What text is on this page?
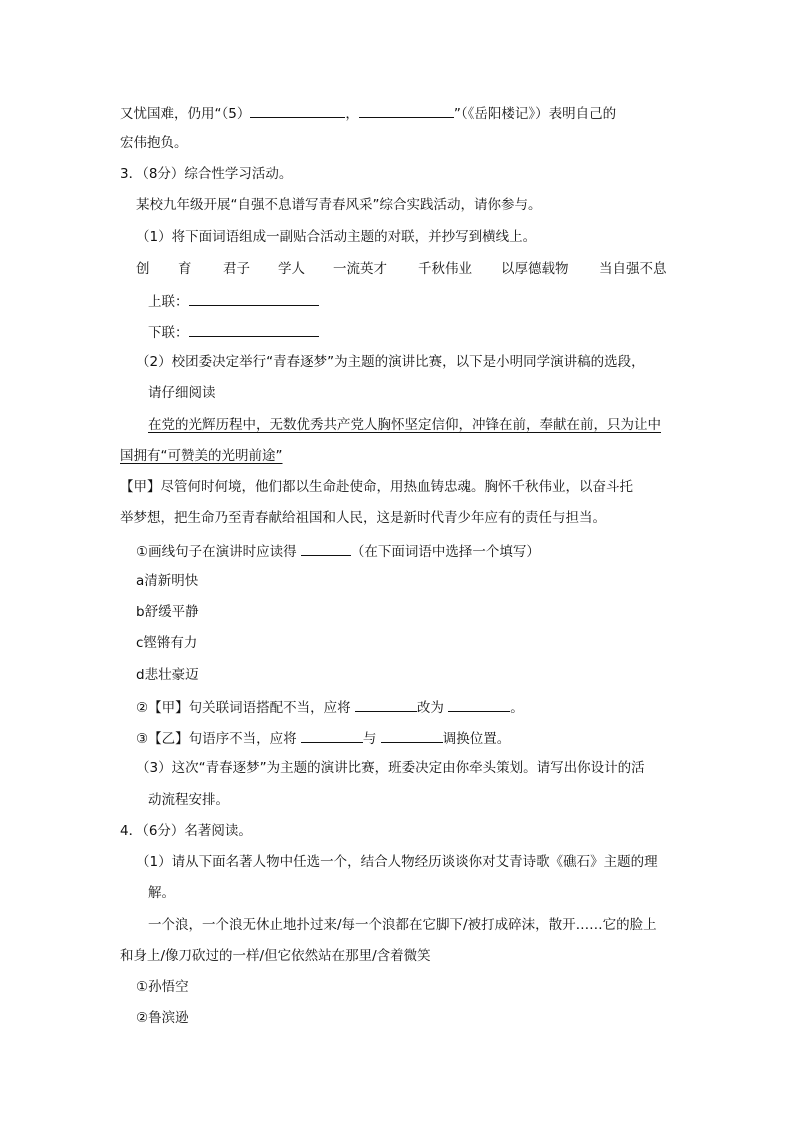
又忧国难，仍用“（5）	，	”（《岳阳楼记》）表明自己的
宏伟抱负。
3．（8分）综合性学习活动。
某校九年级开展“自强不息谱写青春风采”综合实践活动，请你参与。
（1）将下面词语组成一副贴合活动主题的对联，并抄写到横线上。
创 育 君子 学人 一流英才 千秋伟业 以厚德载物 当自强不息
上联：
下联：
（2）校团委决定举行“青春逐梦”为主题的演讲比赛，以下是小明同学演讲稿的选段，
请仔细阅读
在党的光辉历程中，无数优秀共产党人胸怀坚定信仰，冲锋在前，奉献在前，只为让中
国拥有“可赞美的光明前途”
【甲】尽管何时何境，他们都以生命赴使命，用热血铸忠魂。胸怀千秋伟业，以奋斗托
举梦想，把生命乃至青春献给祖国和人民，这是新时代青少年应有的责任与担当。
①画线句子在演讲时应读得	（在下面词语中选择一个填写）
a清新明快
b舒缓平静
c铿锵有力
d悲壮豪迈
②【甲】句关联词语搭配不当，应将	改为	。
③【乙】句语序不当，应将	与	调换位置。
（3）这次“青春逐梦”为主题的演讲比赛，班委决定由你牵头策划。请写出你设计的活
动流程安排。
4．（6分）名著阅读。
（1）请从下面名著人物中任选一个，结合人物经历谈谈你对艾青诗歌《礁石》主题的理
解。
一个浪，一个浪无休止地扑过来/每一个浪都在它脚下/被打成碎沫，散开……它的脸上
和身上/像刀砍过的一样/但它依然站在那里/含着微笑
①孙悟空
②鲁滨逊
